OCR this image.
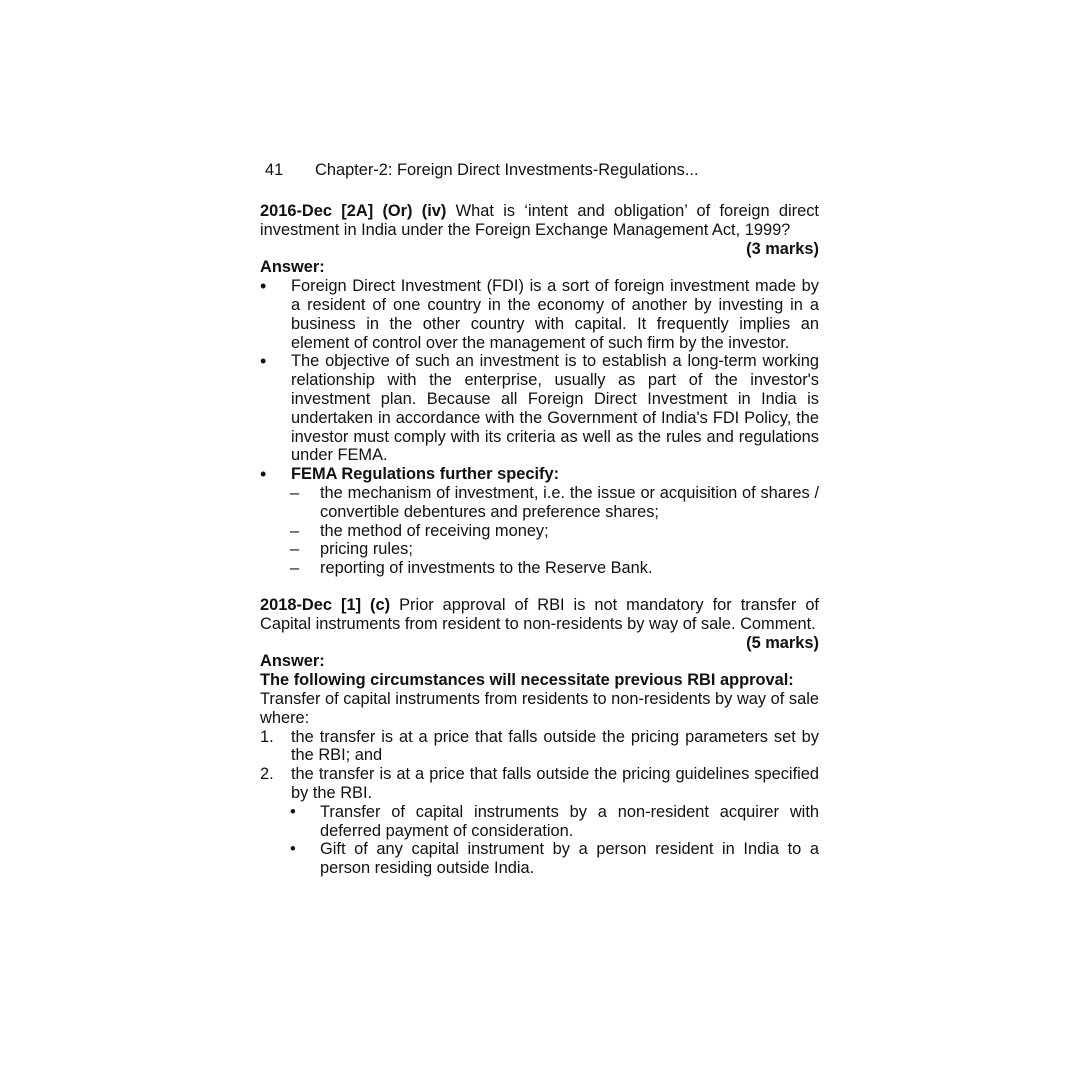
41	Chapter-2: Foreign Direct Investments-Regulations...

2016-Dec [2A] (Or) (iv) What is ‘intent and obligation’ of foreign direct investment in India under the Foreign Exchange Management Act, 1999?

(3 marks)
Answer:
•	Foreign Direct Investment (FDI) is a sort of foreign investment made by a resident of one country in the economy of another by investing in a business in the other country with capital. It frequently implies an element of control over the management of such firm by the investor.
•	The objective of such an investment is to establish a long-term working relationship with the enterprise, usually as part of the investor's investment plan. Because all Foreign Direct Investment in India is undertaken in accordance with the Government of India's FDI Policy, the investor must comply with its criteria as well as the rules and regulations under FEMA.
•	FEMA Regulations further specify:
–	the mechanism of investment, i.e. the issue or acquisition of shares / convertible debentures and preference shares;
–	the method of receiving money;
–	pricing rules;
–	reporting of investments to the Reserve Bank.

2018-Dec [1] (c) Prior approval of RBI is not mandatory for transfer of Capital instruments from resident to non-residents by way of sale. Comment.

(5 marks)
Answer:
The following circumstances will necessitate previous RBI approval:

Transfer of capital instruments from residents to non-residents by way of sale where:

1.	the transfer is at a price that falls outside the pricing parameters set by the RBI; and
2.	the transfer is at a price that falls outside the pricing guidelines specified by the RBI.
•	Transfer of capital instruments by a non-resident acquirer with deferred payment of consideration.
•	Gift of any capital instrument by a person resident in India to a person residing outside India.
